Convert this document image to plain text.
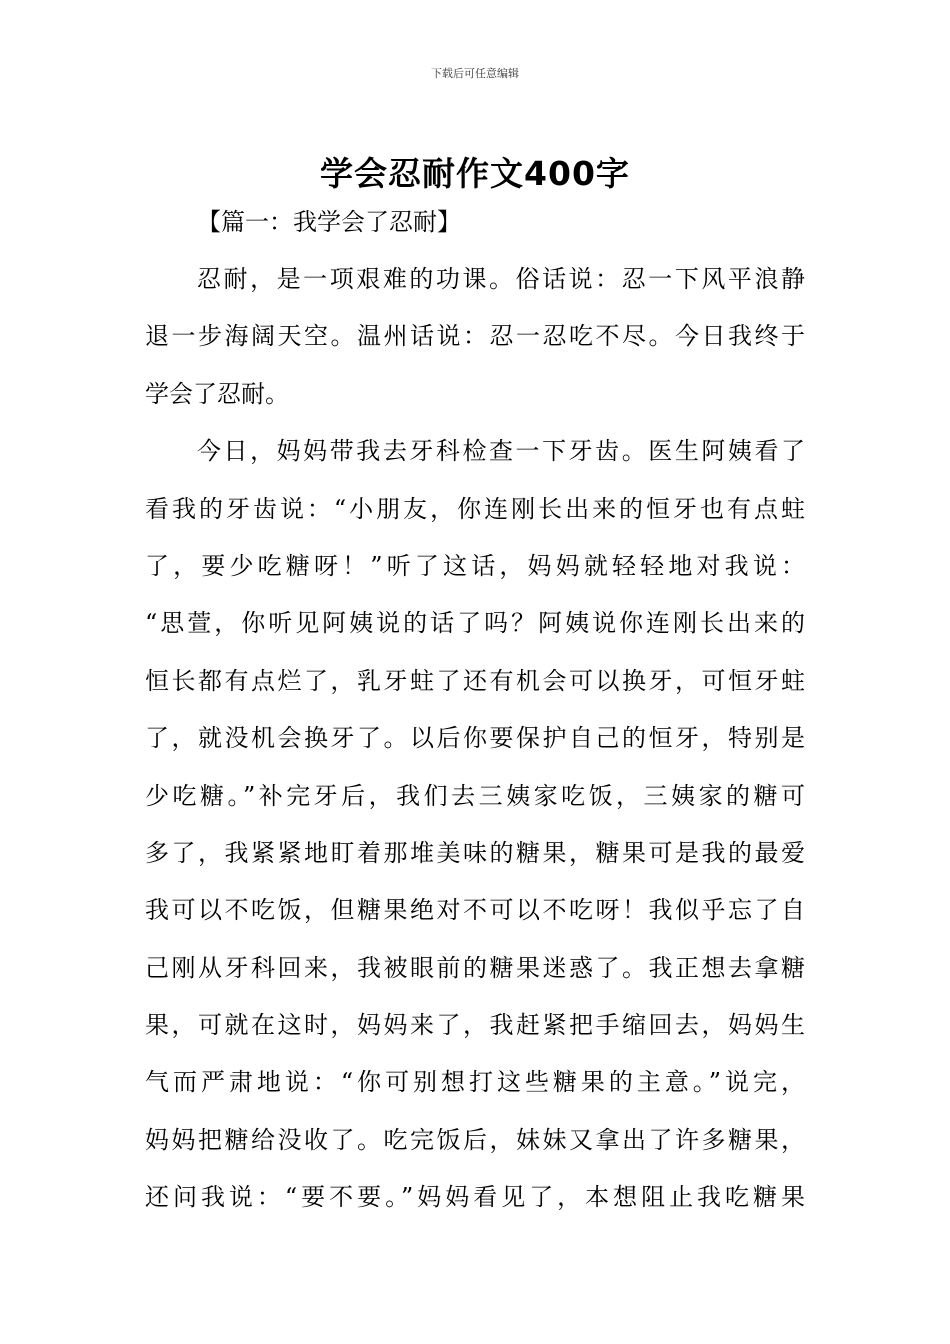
下载后可任意编辑
学会忍耐作文400字

【篇一：我学会了忍耐】

忍耐，是一项艰难的功课。俗话说：忍一下风平浪静
退一步海阔天空。温州话说：忍一忍吃不尽。今日我终于
学会了忍耐。
今日，妈妈带我去牙科检查一下牙齿。医生阿姨看了
看我的牙齿说：“小朋友，你连刚长出来的恒牙也有点蛀
了，要少吃糖呀！”听了这话，妈妈就轻轻地对我说：
“思萱，你听见阿姨说的话了吗？阿姨说你连刚长出来的
恒长都有点烂了，乳牙蛀了还有机会可以换牙，可恒牙蛀
了，就没机会换牙了。以后你要保护自己的恒牙，特别是
少吃糖。”补完牙后，我们去三姨家吃饭，三姨家的糖可
多了，我紧紧地盯着那堆美味的糖果，糖果可是我的最爱
我可以不吃饭，但糖果绝对不可以不吃呀！我似乎忘了自
己刚从牙科回来，我被眼前的糖果迷惑了。我正想去拿糖
果，可就在这时，妈妈来了，我赶紧把手缩回去，妈妈生
气而严肃地说：“你可别想打这些糖果的主意。”说完，
妈妈把糖给没收了。吃完饭后，妹妹又拿出了许多糖果，
还问我说：“要不要。”妈妈看见了，本想阻止我吃糖果
